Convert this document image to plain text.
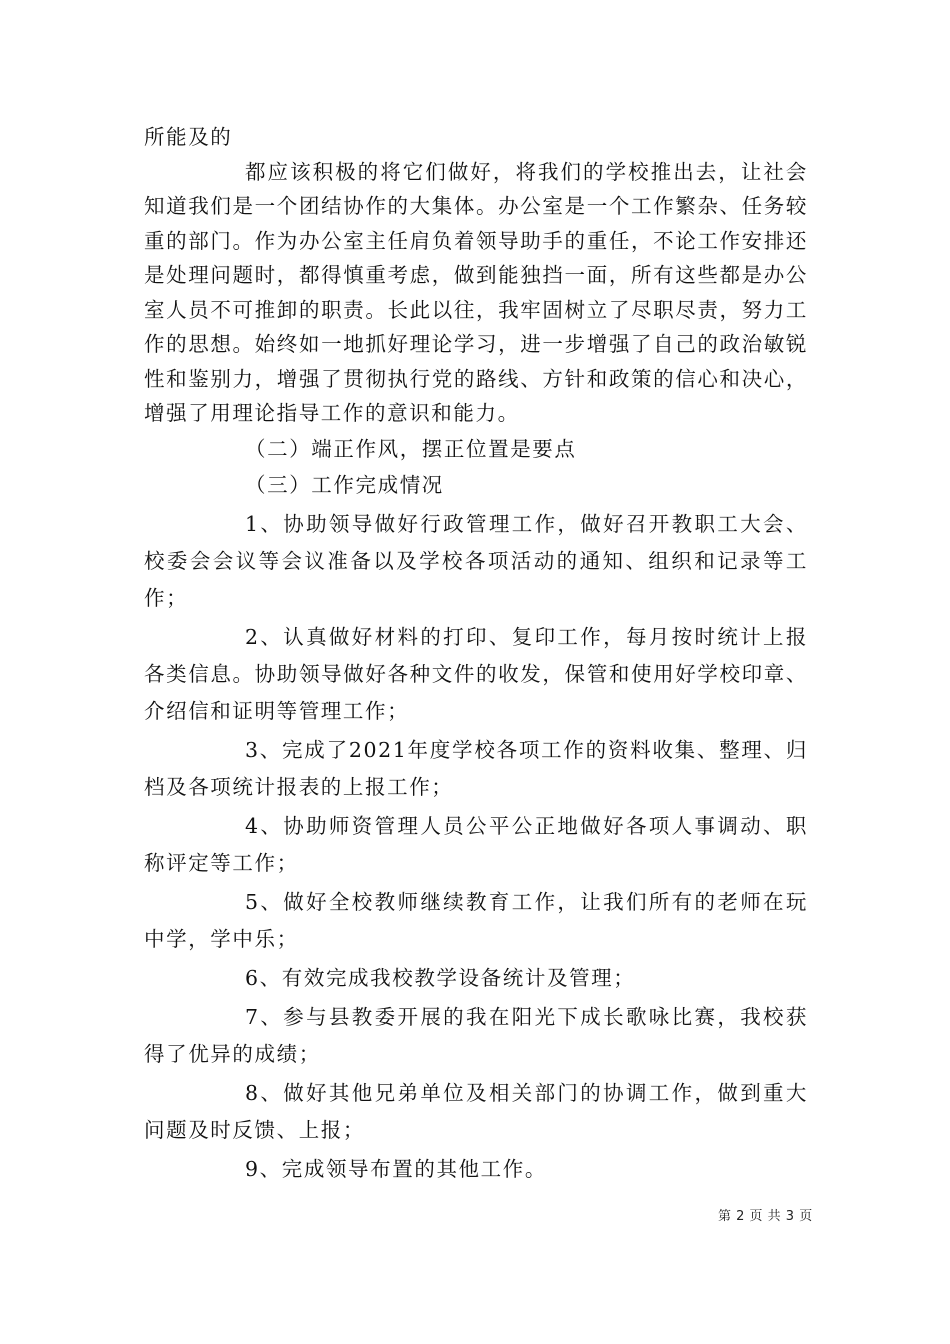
所能及的

都应该积极的将它们做好，将我们的学校推出去，让社会知道我们是一个团结协作的大集体。办公室是一个工作繁杂、任务较重的部门。作为办公室主任肩负着领导助手的重任，不论工作安排还是处理问题时，都得慎重考虑，做到能独挡一面，所有这些都是办公室人员不可推卸的职责。长此以往，我牢固树立了尽职尽责，努力工作的思想。始终如一地抓好理论学习，进一步增强了自己的政治敏锐性和鉴别力，增强了贯彻执行党的路线、方针和政策的信心和决心，增强了用理论指导工作的意识和能力。

（二）端正作风，摆正位置是要点

（三）工作完成情况

1、协助领导做好行政管理工作，做好召开教职工大会、校委会会议等会议准备以及学校各项活动的通知、组织和记录等工作；

2、认真做好材料的打印、复印工作，每月按时统计上报各类信息。协助领导做好各种文件的收发，保管和使用好学校印章、介绍信和证明等管理工作；

3、完成了2021年度学校各项工作的资料收集、整理、归档及各项统计报表的上报工作；

4、协助师资管理人员公平公正地做好各项人事调动、职称评定等工作；

5、做好全校教师继续教育工作，让我们所有的老师在玩中学，学中乐；

6、有效完成我校教学设备统计及管理；

7、参与县教委开展的我在阳光下成长歌咏比赛，我校获得了优异的成绩；

8、做好其他兄弟单位及相关部门的协调工作，做到重大问题及时反馈、上报；

9、完成领导布置的其他工作。

第 2 页 共 3 页
